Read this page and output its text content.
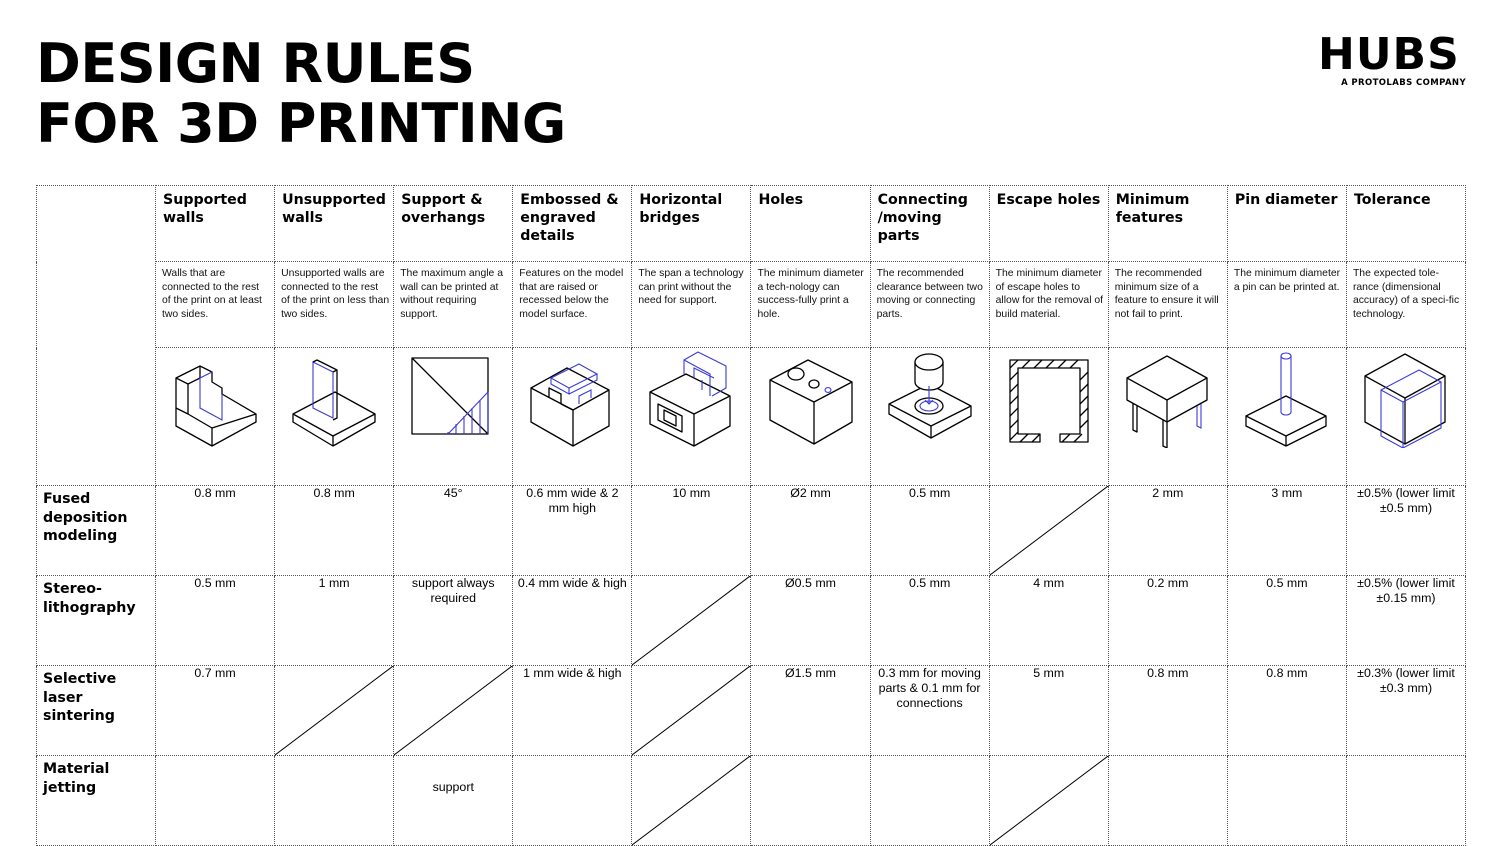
DESIGN RULES
FOR 3D PRINTING
HUBS
A PROTOLABS COMPANY

	Supported walls	Unsupported walls	Support & overhangs	Embossed & engraved details	Horizontal bridges	Holes	Connecting /moving parts	Escape holes	Minimum features	Pin diameter	Tolerance

	Walls that are connected to the rest of the print on at least two sides.	Unsupported walls are connected to the rest of the print on less than two sides.	The maximum angle a wall can be printed at without requiring support.	Features on the model that are raised or recessed below the model surface.	The span a technology can print without the need for support.	The minimum diameter a tech-nology can success-fully print a hole.	The recommended clearance between two moving or connecting parts.	The minimum diameter of escape holes to allow for the removal of build material.	The recommended minimum size of a feature to ensure it will not fail to print.	The minimum diameter a pin can be printed at.	The expected tole-rance (dimensional accuracy) of a speci-fic technology.

Fused deposition modeling	0.8 mm	0.8 mm	45°	0.6 mm wide & 2 mm high	10 mm	Ø2 mm	0.5 mm		2 mm	3 mm	±0.5% (lower limit ±0.5 mm)

Stereo-lithography	0.5 mm	1 mm	support always required	0.4 mm wide & high		Ø0.5 mm	0.5 mm	4 mm	0.2 mm	0.5 mm	±0.5% (lower limit ±0.15 mm)

Selective laser sintering	0.7 mm			1 mm wide & high		Ø1.5 mm	0.3 mm for moving parts & 0.1 mm for connections	5 mm	0.8 mm	0.8 mm	±0.3% (lower limit ±0.3 mm)

Material jetting			support
